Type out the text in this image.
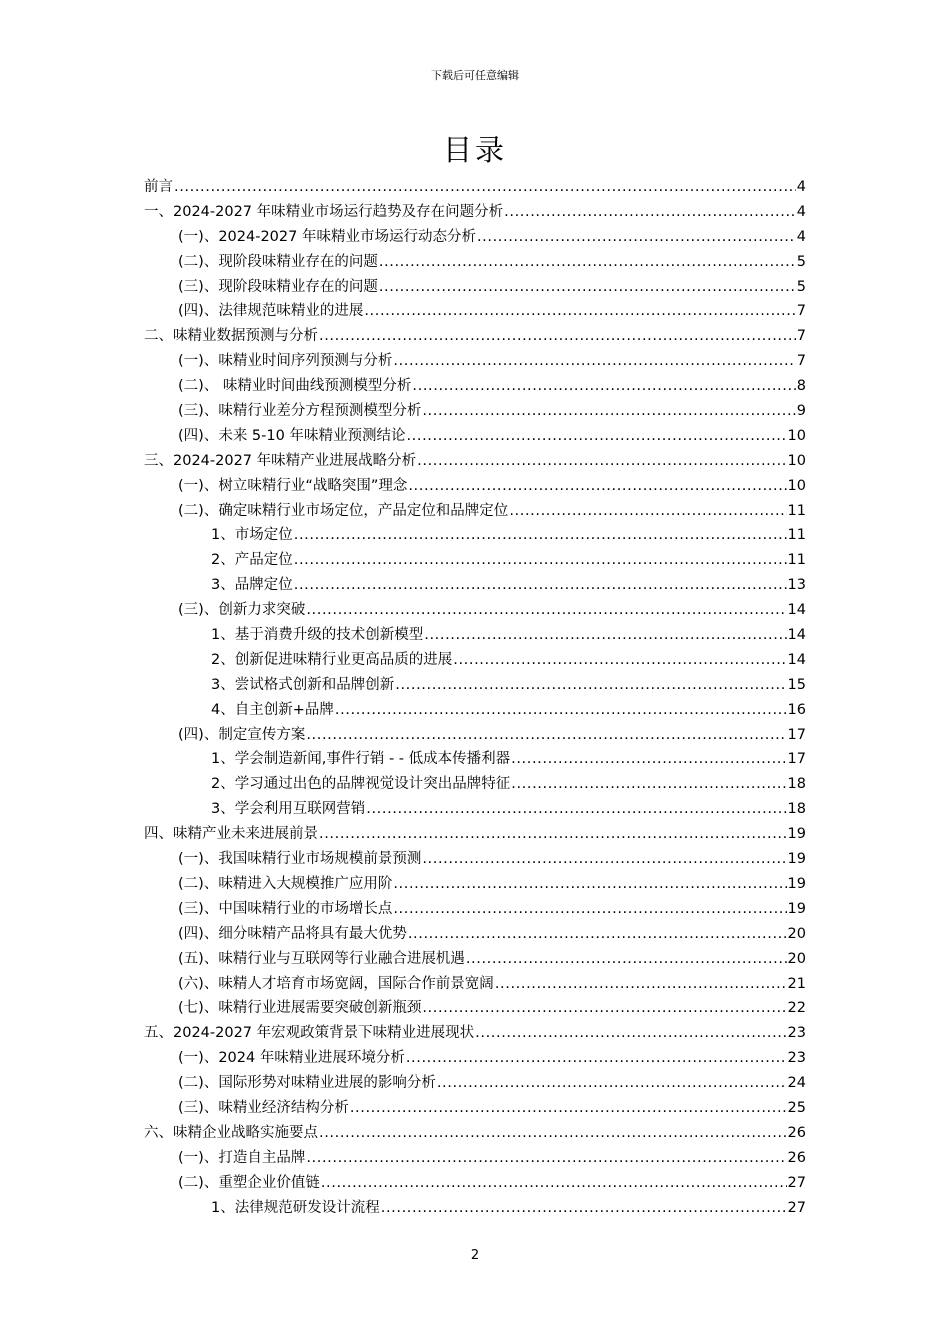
下载后可任意编辑
目录
前言 .....	4
一、2024-2027 年味精业市场运行趋势及存在问题分析 .....	4
(一)、2024-2027 年味精业市场运行动态分析 .....	4
(二)、现阶段味精业存在的问题 .....	5
(三)、现阶段味精业存在的问题 .....	5
(四)、法律规范味精业的进展 .....	7
二、味精业数据预测与分析 .....	7
(一)、味精业时间序列预测与分析 .....	7
(二)、 味精业时间曲线预测模型分析 .....	8
(三)、味精行业差分方程预测模型分析 .....	9
(四)、未来 5-10 年味精业预测结论 .....	10
三、2024-2027 年味精产业进展战略分析 .....	10
(一)、树立味精行业“战略突围”理念 .....	10
(二)、确定味精行业市场定位，产品定位和品牌定位 .....	11
1、市场定位 .....	11
2、产品定位 .....	11
3、品牌定位 .....	13
(三)、创新力求突破 .....	14
1、基于消费升级的技术创新模型 .....	14
2、创新促进味精行业更高品质的进展 .....	14
3、尝试格式创新和品牌创新 .....	15
4、自主创新+品牌 .....	16
(四)、制定宣传方案 .....	17
1、学会制造新闻,事件行销 - - 低成本传播利器 .....	17
2、学习通过出色的品牌视觉设计突出品牌特征 .....	18
3、学会利用互联网营销 .....	18
四、味精产业未来进展前景 .....	19
(一)、我国味精行业市场规模前景预测 .....	19
(二)、味精进入大规模推广应用阶 .....	19
(三)、中国味精行业的市场增长点 .....	19
(四)、细分味精产品将具有最大优势 .....	20
(五)、味精行业与互联网等行业融合进展机遇 .....	20
(六)、味精人才培育市场宽阔，国际合作前景宽阔 .....	21
(七)、味精行业进展需要突破创新瓶颈 .....	22
五、2024-2027 年宏观政策背景下味精业进展现状 .....	23
(一)、2024 年味精业进展环境分析 .....	23
(二)、国际形势对味精业进展的影响分析 .....	24
(三)、味精业经济结构分析 .....	25
六、味精企业战略实施要点 .....	26
(一)、打造自主品牌 .....	26
(二)、重塑企业价值链 .....	27
1、法律规范研发设计流程 .....	27
2
